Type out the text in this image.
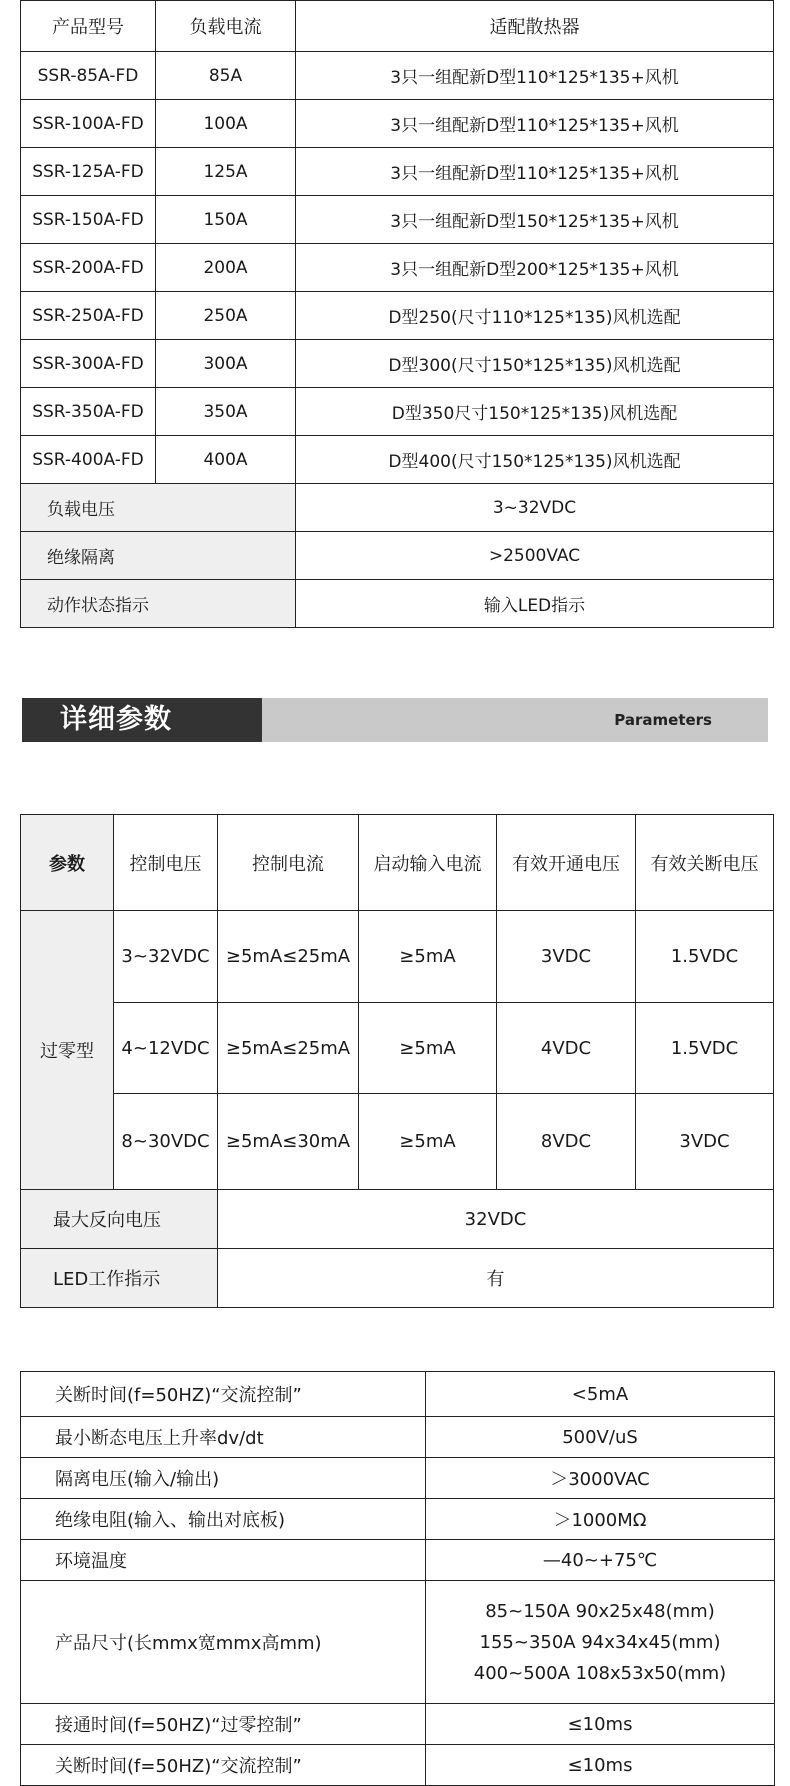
产品型号	负载电流	适配散热器
SSR-85A-FD	85A	3只一组配新D型110*125*135+风机
SSR-100A-FD	100A	3只一组配新D型110*125*135+风机
SSR-125A-FD	125A	3只一组配新D型110*125*135+风机
SSR-150A-FD	150A	3只一组配新D型150*125*135+风机
SSR-200A-FD	200A	3只一组配新D型200*125*135+风机
SSR-250A-FD	250A	D型250(尺寸110*125*135)风机选配
SSR-300A-FD	300A	D型300(尺寸150*125*135)风机选配
SSR-350A-FD	350A	D型350尺寸150*125*135)风机选配
SSR-400A-FD	400A	D型400(尺寸150*125*135)风机选配
负载电压		3~32VDC
绝缘隔离		>2500VAC
动作状态指示		输入LED指示
详细参数	Parameters
参数	控制电压	控制电流	启动输入电流	有效开通电压	有效关断电压
过零型	3~32VDC	≥5mA≤25mA	≥5mA	3VDC	1.5VDC
	4~12VDC	≥5mA≤25mA	≥5mA	4VDC	1.5VDC
	8~30VDC	≥5mA≤30mA	≥5mA	8VDC	3VDC
最大反向电压		32VDC			
LED工作指示		有			
关断时间(f=50HZ)“交流控制”	<5mA
最小断态电压上升率dv/dt	500V/uS
隔离电压(输入/输出)	＞3000VAC
绝缘电阻(输入、输出对底板)	＞1000MΩ
环境温度	—40~+75℃
产品尺寸(长mmx宽mmx高mm)	85~150A 90x25x48(mm)
155~350A 94x34x45(mm)
400~500A 108x53x50(mm)

接通时间(f=50HZ)“过零控制”	≤10ms
关断时间(f=50HZ)“交流控制”	≤10ms
